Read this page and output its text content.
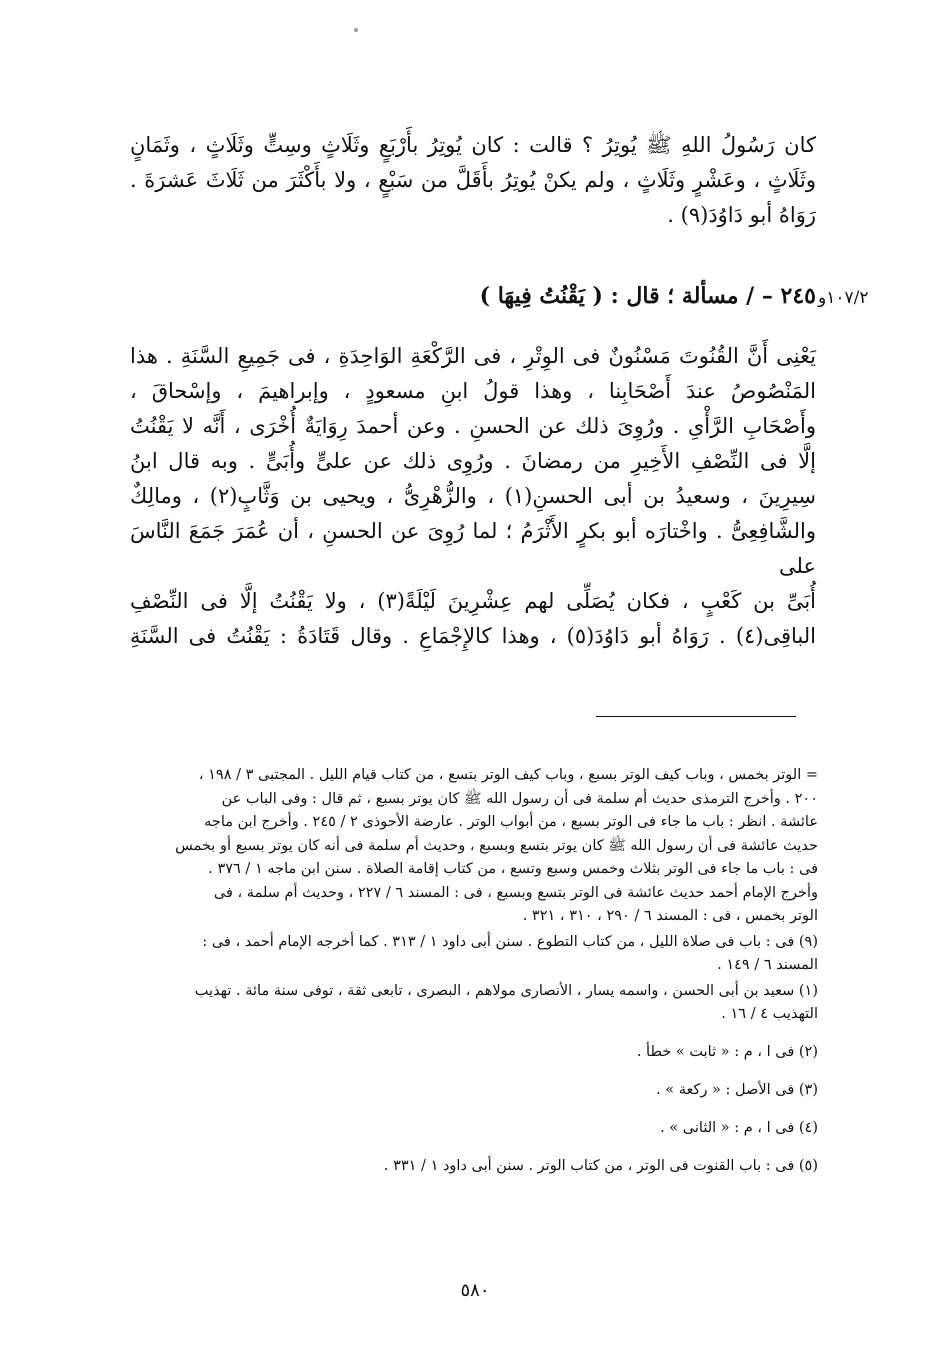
كان رَسُولُ اللهِ ﷺ يُوتِرُ ؟ قالت : كان يُوتِرُ بأَرْبَعٍ وثَلَاثٍ وسِتٍّ وثَلَاثٍ ، وثَمَانٍ
وثَلَاثٍ ، وعَشْرٍ وثَلَاثٍ ، ولم يكنْ يُوتِرُ بأَقَلَّ من سَبْعٍ ، ولا بأَكْثَرَ من ثَلَاثَ عَشرَةَ .
رَوَاهُ أبو دَاوُدَ(٩) .
١٠٧/٢و
٢٤٥ – / مسألة ؛ قال : ( يَقْنُتُ فِيهَا )

يَعْنِى أَنَّ القُنُوتَ مَسْنُونٌ فى الوِتْرِ ، فى الرَّكْعَةِ الوَاحِدَةِ ، فى جَمِيعِ السَّنَةِ . هذا

المَنْصُوصُ عندَ أَصْحَابِنا ، وهذا قولُ ابنِ مسعودٍ ، وإبراهيمَ ، وإسْحاقَ ،

وأَصْحَابِ الرَّأْىِ . ورُوِىَ ذلك عن الحسنِ . وعن أحمدَ رِوَايَةٌ أُخْرَى ، أَنَّه لا يَقْنُتُ

إلَّا فى النِّصْفِ الأَخِيرِ من رمضانَ . ورُوِى ذلك عن علىٍّ وأُبَىٍّ . وبه قال ابنُ

سِيرِينَ ، وسعيدُ بن أبى الحسنِ(١) ، والزُّهْرِىُّ ، ويحيى بن وَثَّابٍ(٢) ، ومالِكٌ

والشَّافِعِىُّ . واخْتارَه أبو بكرٍ الأَثْرَمُ ؛ لما رُوِىَ عن الحسنِ ، أن عُمَرَ جَمَعَ النَّاسَ على

أُبَىِّ بن كَعْبٍ ، فكان يُصَلِّى لهم عِشْرِينَ لَيْلَةً(٣) ، ولا يَقْنُتُ إلَّا فى النِّصْفِ

الباقِى(٤) . رَوَاهُ أبو دَاوُدَ(٥) ، وهذا كالإِجْمَاعِ . وقال قَتَادَةُ : يَقْنُتُ فى السَّنَةِ

= الوتر بخمس ، وباب كيف الوتر بسبع ، وباب كيف الوتر بتسع ، من كتاب قيام الليل . المجتبى ٣ / ١٩٨ ،

٢٠٠ . وأخرج الترمذى حديث أم سلمة فى أن رسول الله ﷺ كان يوتر بسبع ، ثم قال : وفى الباب عن

عائشة . انظر : باب ما جاء فى الوتر بسبع ، من أبواب الوتر . عارضة الأحوذى ٢ / ٢٤٥ . وأخرج ابن ماجه

حديث عائشة فى أن رسول الله ﷺ كان يوتر بتسع وبسبع ، وحديث أم سلمة فى أنه كان يوتر بسبع أو بخمس

فى : باب ما جاء فى الوتر بثلاث وخمس وسبع وتسع ، من كتاب إقامة الصلاة . سنن ابن ماجه ١ / ٣٧٦ .

وأخرج الإمام أحمد حديث عائشة فى الوتر بتسع وبسبع ، فى : المسند ٦ / ٢٢٧ ، وحديث أم سلمة ، فى

الوتر بخمس ، فى : المسند ٦ / ٢٩٠ ، ٣١٠ ، ٣٢١ .

(٩) فى : باب فى صلاة الليل ، من كتاب التطوع . سنن أبى داود ١ / ٣١٣ . كما أخرجه الإمام أحمد ، فى :

المسند ٦ / ١٤٩ .

(١) سعيد بن أبى الحسن ، واسمه يسار ، الأنصارى مولاهم ، البصرى ، تابعى ثقة ، توفى سنة مائة . تهذيب

التهذيب ٤ / ١٦ .

(٢) فى ا ، م : « ثابت » خطأ .

(٣) فى الأصل : « ركعة » .

(٤) فى ا ، م : « الثانى » .

(٥) فى : باب القنوت فى الوتر ، من كتاب الوتر . سنن أبى داود ١ / ٣٣١ .

٥٨٠
